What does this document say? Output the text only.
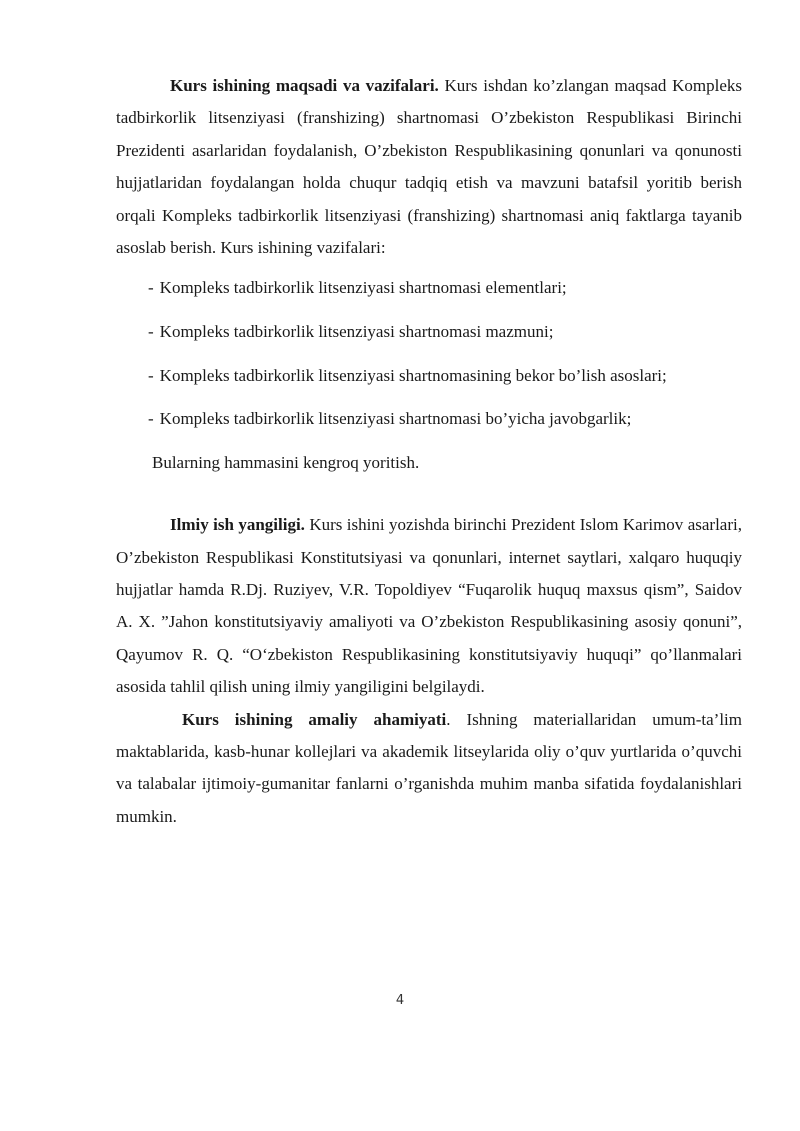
Kurs ishining maqsadi va vazifalari. Kurs ishdan ko’zlangan maqsad Kompleks tadbirkorlik litsenziyasi (franshizing) shartnomasi O’zbekiston Respublikasi Birinchi Prezidenti asarlaridan foydalanish, O’zbekiston Respublikasining qonunlari va qonunosti hujjatlaridan foydalangan holda chuqur tadqiq etish va mavzuni batafsil yoritib berish orqali Kompleks tadbirkorlik litsenziyasi (franshizing) shartnomasi aniq faktlarga tayanib asoslab berish. Kurs ishining vazifalari:

- Kompleks tadbirkorlik litsenziyasi shartnomasi elementlari;
- Kompleks tadbirkorlik litsenziyasi shartnomasi mazmuni;
- Kompleks tadbirkorlik litsenziyasi shartnomasining bekor bo’lish asoslari;
- Kompleks tadbirkorlik litsenziyasi shartnomasi bo’yicha javobgarlik;

Bularning hammasini kengroq yoritish.

Ilmiy ish yangiligi. Kurs ishini yozishda birinchi Prezident Islom Karimov asarlari, O’zbekiston Respublikasi Konstitutsiyasi va qonunlari, internet saytlari, xalqaro huquqiy hujjatlar hamda R.Dj. Ruziyev, V.R. Topoldiyev “Fuqarolik huquq maxsus qism”, Saidov A. X. ”Jahon konstitutsiyaviy amaliyoti va O’zbekiston Respublikasining asosiy qonuni”, Qayumov R. Q. “O‘zbekiston Respublikasining konstitutsiyaviy huquqi” qo’llanmalari asosida tahlil qilish uning ilmiy yangiligini belgilaydi.

Kurs ishining amaliy ahamiyati. Ishning materiallaridan umum-ta’lim maktablarida, kasb-hunar kollejlari va akademik litseylarida oliy o’quv yurtlarida o’quvchi va talabalar ijtimoiy-gumanitar fanlarni o’rganishda muhim manba sifatida foydalanishlari mumkin.

4
